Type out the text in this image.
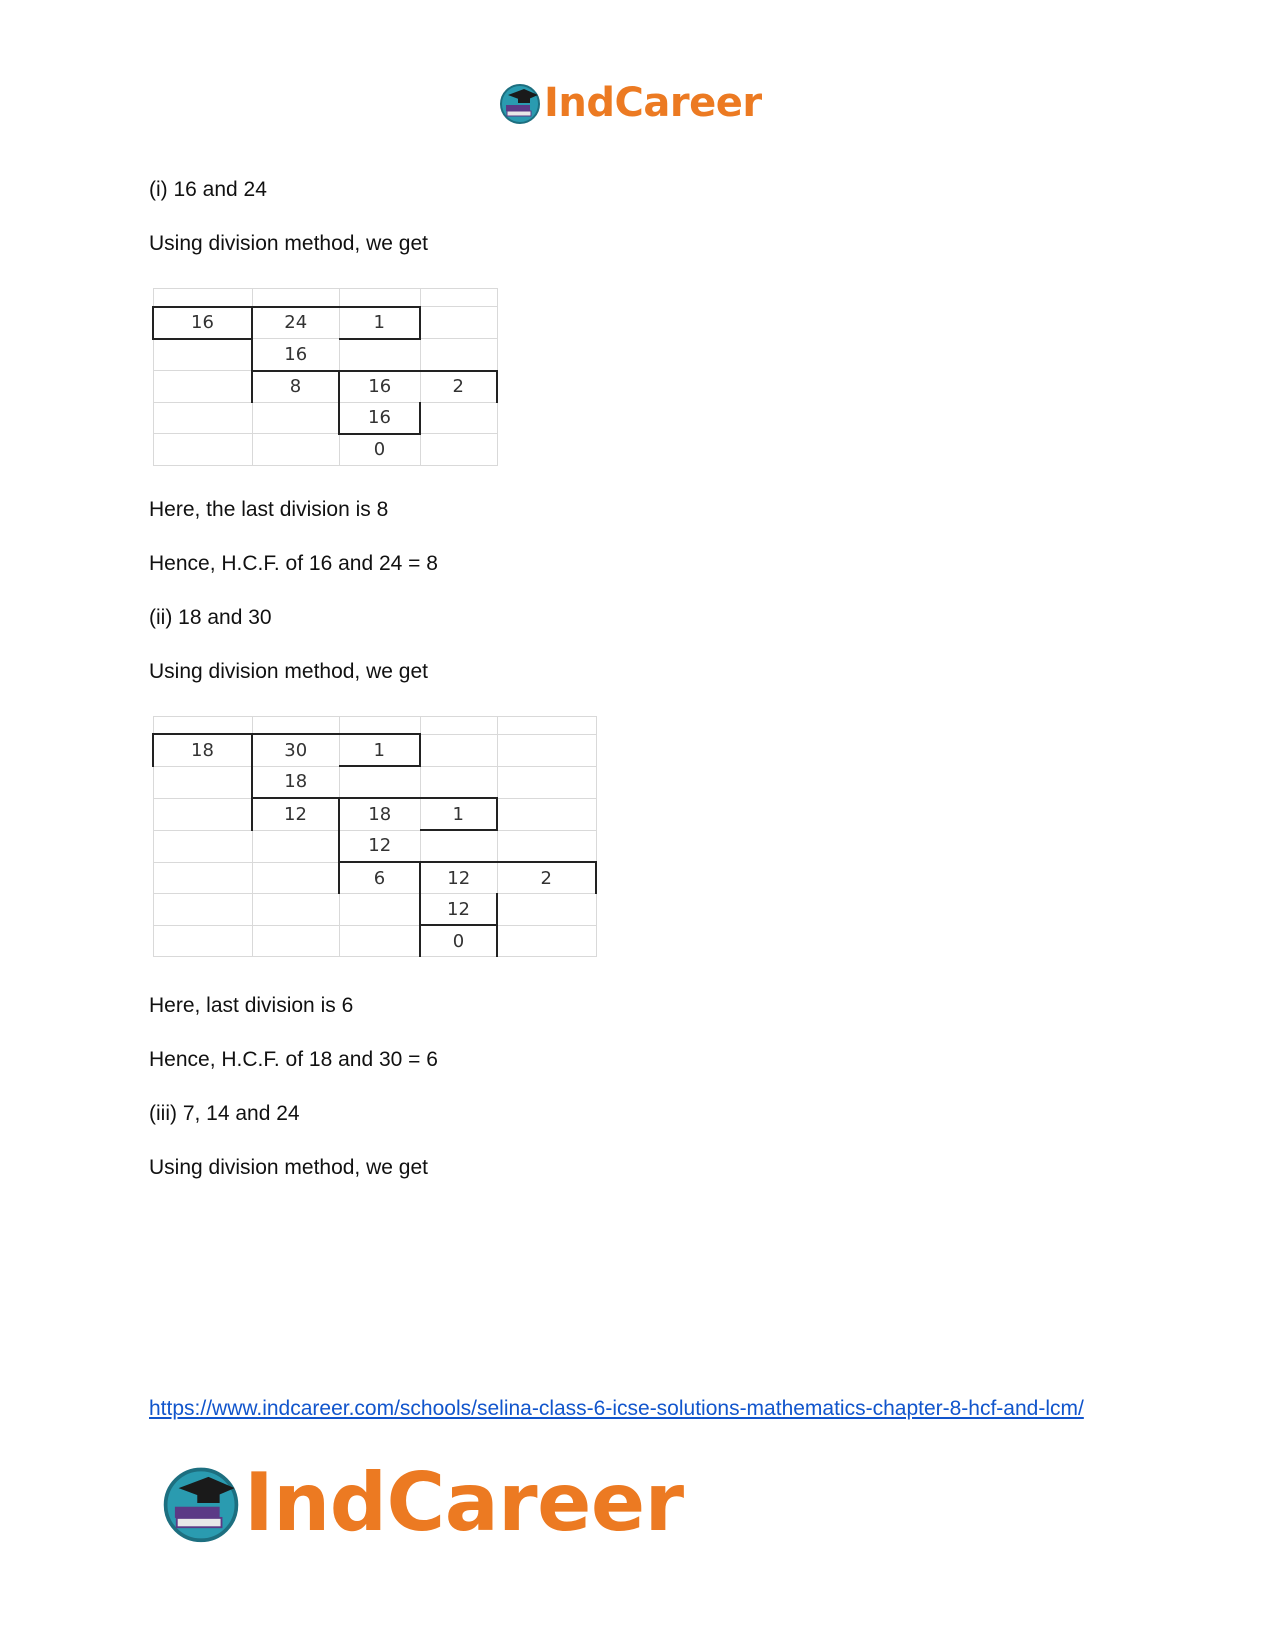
IndCareer

(i) 16 and 24

Using division method, we get

16	24	1	
	16		
	8	16	2
		16	
		0	

Here, the last division is 8

Hence, H.C.F. of 16 and 24 = 8

(ii) 18 and 30

Using division method, we get

18	30	1		
	18			
	12	18	1	
		12		
		6	12	2
			12	
			0	

Here, last division is 6

Hence, H.C.F. of 18 and 30 = 6

(iii) 7, 14 and 24

Using division method, we get

https://www.indcareer.com/schools/selina-class-6-icse-solutions-mathematics-chapter-8-hcf-and-lcm/
IndCareer
